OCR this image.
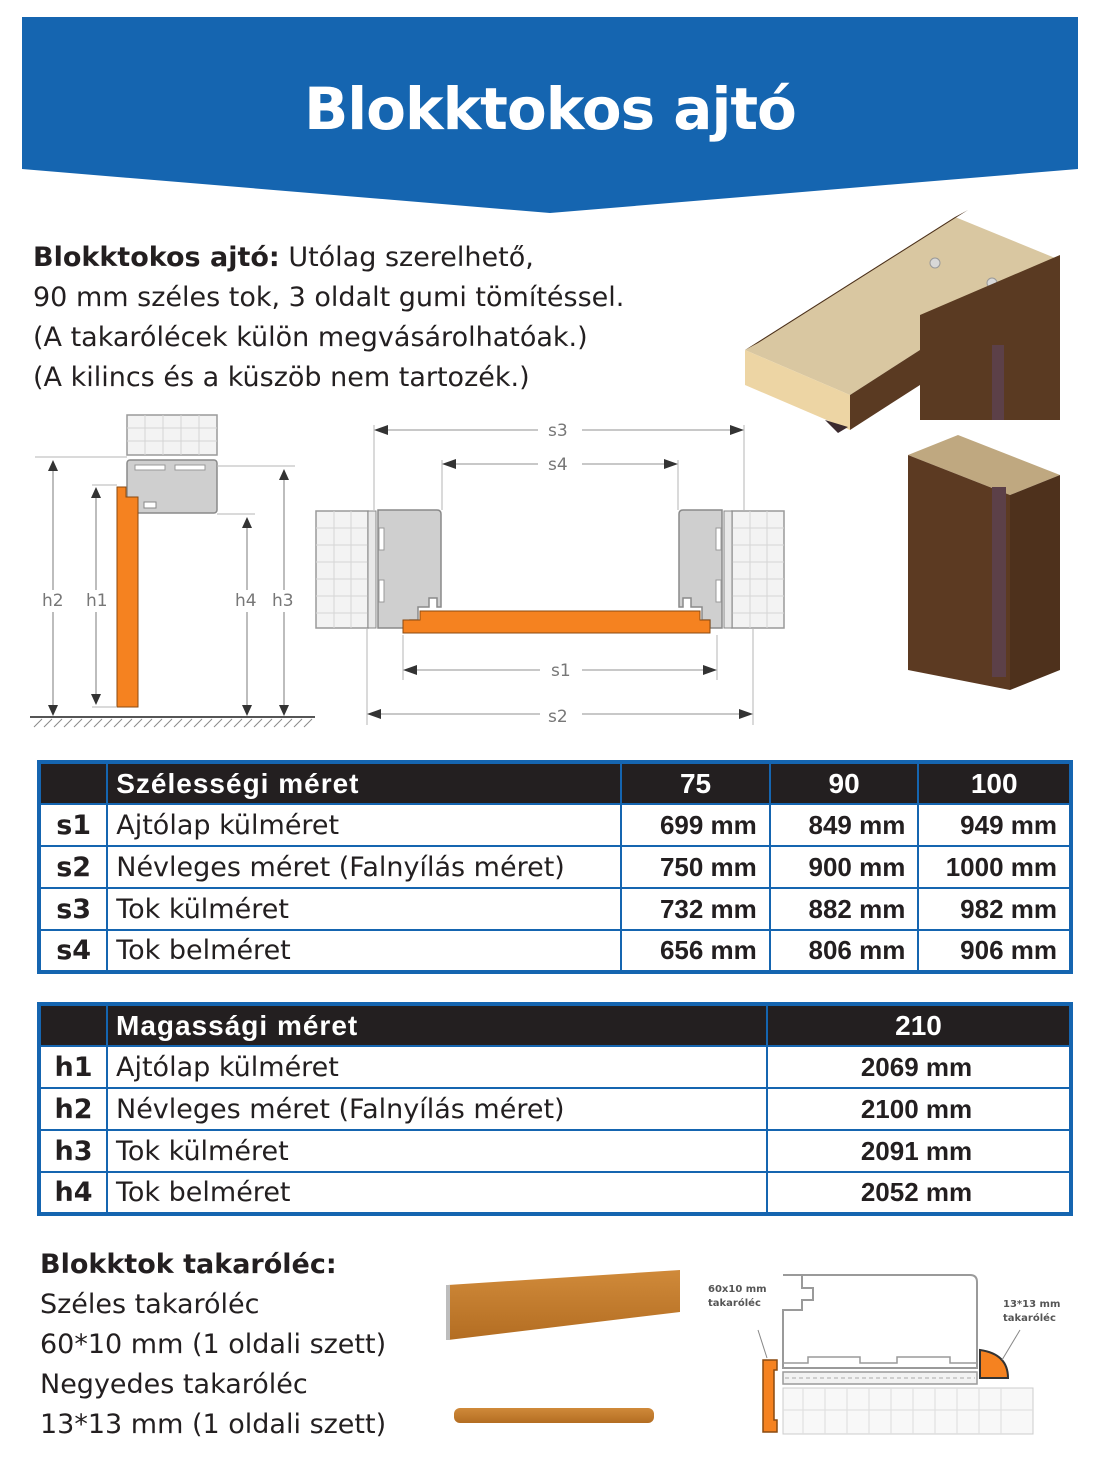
Blokktokos ajtó
Blokktokos ajtó: Utólag szerelhető,
90 mm széles tok, 3 oldalt gumi tömítéssel.
(A takarólécek külön megvásárolhatóak.)
(A kilincs és a küszöb nem tartozék.)
h2 h1	h4 h3
s3
s4
s1
s2
	Szélességi méret	75	90	100
s1	Ajtólap külméret	699 mm	849 mm	949 mm
s2	Névleges méret (Falnyílás méret)	750 mm	900 mm	1000 mm
s3	Tok külméret	732 mm	882 mm	982 mm
s4	Tok belméret	656 mm	806 mm	906 mm
	Magassági méret	210
h1	Ajtólap külméret	2069 mm
h2	Névleges méret (Falnyílás méret)	2100 mm
h3	Tok külméret	2091 mm
h4	Tok belméret	2052 mm
Blokktok takaróléc:
Széles takaróléc
60*10 mm (1 oldali szett)
Negyedes takaróléc
13*13 mm (1 oldali szett)
60x10 mm
takaróléc	13*13 mm
takaróléc
